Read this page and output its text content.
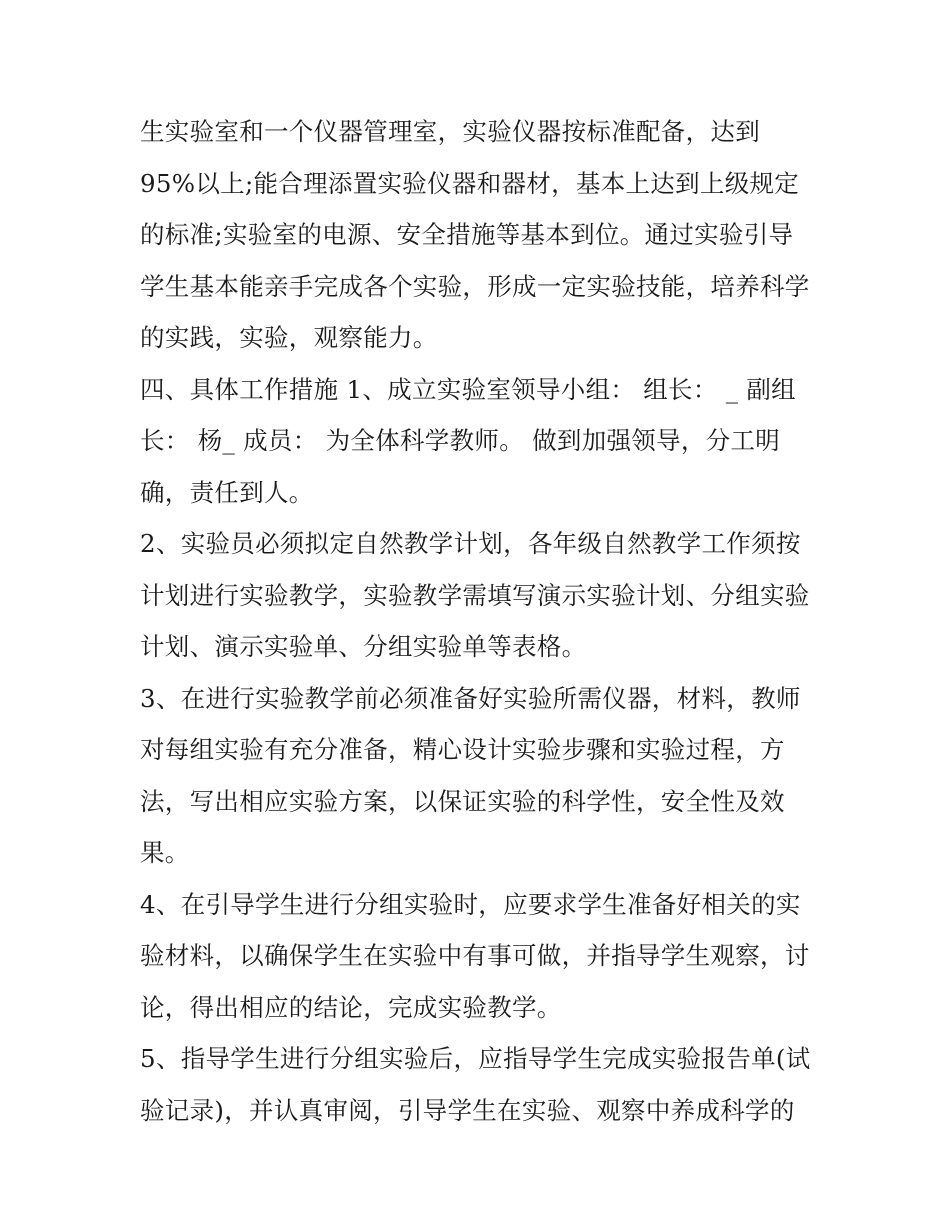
生实验室和一个仪器管理室，实验仪器按标准配备，达到
95%以上;能合理添置实验仪器和器材，基本上达到上级规定
的标准;实验室的电源、安全措施等基本到位。通过实验引导
学生基本能亲手完成各个实验，形成一定实验技能，培养科学
的实践，实验，观察能力。
四、具体工作措施 1、成立实验室领导小组： 组长： _ 副组
长： 杨_ 成员： 为全体科学教师。 做到加强领导，分工明
确，责任到人。
2、实验员必须拟定自然教学计划，各年级自然教学工作须按
计划进行实验教学，实验教学需填写演示实验计划、分组实验
计划、演示实验单、分组实验单等表格。
3、在进行实验教学前必须准备好实验所需仪器，材料，教师
对每组实验有充分准备，精心设计实验步骤和实验过程，方
法，写出相应实验方案，以保证实验的科学性，安全性及效
果。
4、在引导学生进行分组实验时，应要求学生准备好相关的实
验材料，以确保学生在实验中有事可做，并指导学生观察，讨
论，得出相应的结论，完成实验教学。
5、指导学生进行分组实验后，应指导学生完成实验报告单(试
验记录)，并认真审阅，引导学生在实验、观察中养成科学的
